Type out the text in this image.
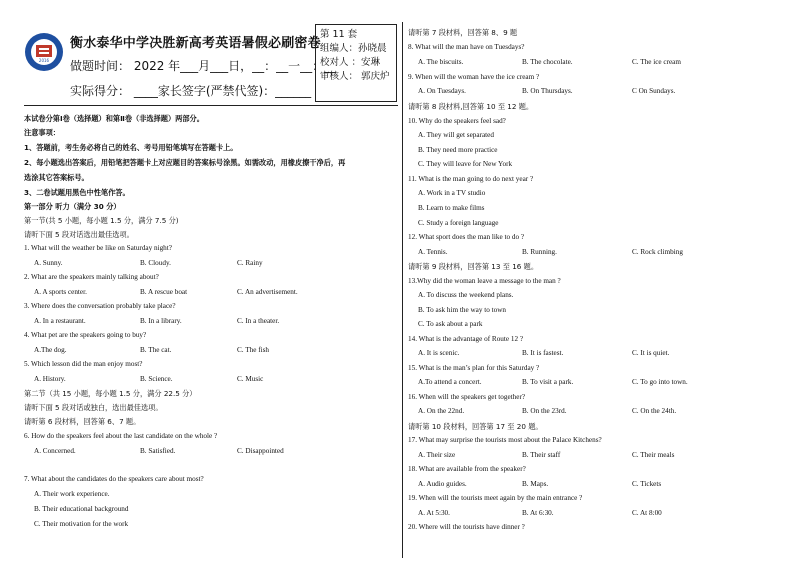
2016
衡水泰华中学决胜新高考英语暑假必刷密卷
做题时间： 2022 年___月___日，__：__一__：__
实际得分： ____家长签字(严禁代签)：______
第 11 套
组编人：孙晓晨
校对人 ：安琳
审核人： 郭庆炉
本试卷分第Ⅰ卷（选择题）和第Ⅱ卷（非选择题）两部分。
注意事项：
1、答题前，考生务必将自己的姓名、考号用铅笔填写在答题卡上。
2、每小题选出答案后，用铅笔把答题卡上对应题目的答案标号涂黑。如需改动，用橡皮擦干净后，再
选涂其它答案标号。
3、二卷试题用黑色中性笔作答。
第一部分 听力（满分 30 分）
第一节(共 5 小题，每小题 1.5 分，满分 7.5 分)
请听下面 5 段对话选出最佳选项。
1. What will the weather be like on Saturday night?
A. Sunny.	B. Cloudy.	C. Rainy
2. What are the speakers mainly talking about?
A. A sports center.	B. A rescue boat	C. An advertisement.
3. Where does the conversation probably take place?
A. In a restaurant.	B. In a library.	C. In a theater.
4. What pet are the speakers going to buy?
A.The dog.	B. The cat.	C. The fish
5. Which lesson did the man enjoy most?
A. History.	B. Science.	C. Music
第二节（共 15 小题，每小题 1.5 分，满分 22.5 分）
请听下面 5 段对话或独白，选出最佳选项。
请听第 6 段材料，回答第 6、7 题。
6. How do the speakers feel about the last candidate on the whole ?
A. Concerned.	B. Satisfied.	C. Disappointed
7. What about the candidates do the speakers care about most?
A. Their work experience.
B. Their educational background
C. Their motivation for the work
请听第 7 段材料，回答第 8、9 题
8. What will the man have on Tuesdays?
A. The biscuits.	B. The chocolate.	C. The ice cream
9. When will the woman have the ice cream ?
A. On Tuesdays.	B. On Thursdays.	C On Sundays.
请听第 8 段材料,回答第 10 至 12 题。
10. Why do the speakers feel sad?
A. They will get separated
B. They need more practice
C. They will leave for New York
11. What is the man going to do next year ?
A. Work in a TV studio
B. Learn to make films
C. Study a foreign language
12. What sport does the man like to do ?
A. Tennis.	B. Running.	C. Rock climbing
请听第 9 段材料，回答第 13 至 16 题。
13.Why did the woman leave a message to the man ?
A. To discuss the weekend plans.
B. To ask him the way to town
C. To ask about a park
14. What is the advantage of Route 12 ?
A. It is scenic.	B. It is fastest.	C. It is quiet.
15. What is the man’s plan for this Saturday ?
A.To attend a concert.	B. To visit a park.	C. To go into town.
16. When will the speakers get together?
A. On the 22nd.	B. On the 23rd.	C. On the 24th.
请听第 10 段材料，回答第 17 至 20 题。
17. What may surprise the tourists most about the Palace Kitchens?
A. Their size	B. Their staff	C. Their meals
18. What are available from the speaker?
A. Audio guides.	B. Maps.	C. Tickets
19. When will the tourists meet again by the main entrance ?
A. At 5:30.	B. At 6:30.	C. At 8:00
20. Where will the tourists have dinner ?
